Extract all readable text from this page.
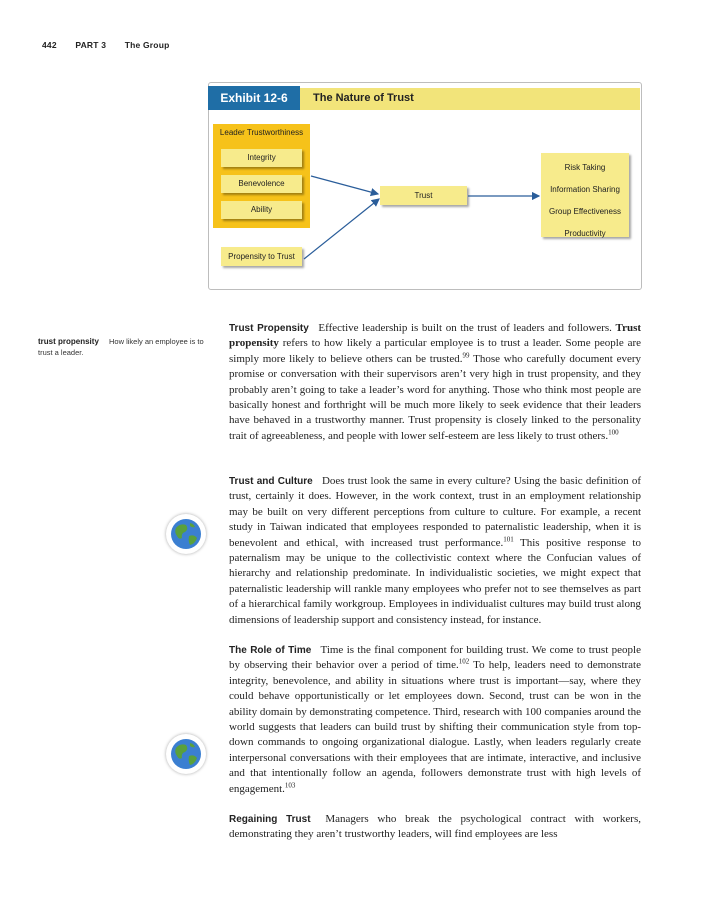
442 PART 3 The Group
Exhibit 12-6	The Nature of Trust
Leader Trustworthiness
Integrity
Benevolence
Ability
Propensity to Trust
Trust
Risk Taking
Information Sharing
Group Effectiveness
Productivity
trust propensity How likely an employee is to trust a leader.

Trust Propensity Effective leadership is built on the trust of leaders and followers. Trust propensity refers to how likely a particular employee is to trust a leader. Some people are simply more likely to believe others can be trusted.$^{99}$ Those who carefully document every promise or conversation with their supervisors aren’t very high in trust propensity, and they probably aren’t going to take a leader’s word for anything. Those who think most people are basically honest and forthright will be much more likely to seek evidence that their leaders have behaved in a trustworthy manner. Trust propensity is closely linked to the personality trait of agreeableness, and people with lower self-esteem are less likely to trust others.$^{100}$

Trust and Culture Does trust look the same in every culture? Using the basic definition of trust, certainly it does. However, in the work context, trust in an employment relationship may be built on very different perceptions from culture to culture. For example, a recent study in Taiwan indicated that employees responded to paternalistic leadership, when it is benevolent and ethical, with increased trust performance.$^{101}$ This positive response to paternalism may be unique to the collectivistic context where the Confucian values of hierarchy and relationship predominate. In individualistic societies, we might expect that paternalistic leadership will rankle many employees who prefer not to see themselves as part of a hierarchical family workgroup. Employees in individualist cultures may build trust along dimensions of leadership support and consistency instead, for instance.

The Role of Time Time is the final component for building trust. We come to trust people by observing their behavior over a period of time.$^{102}$ To help, leaders need to demonstrate integrity, benevolence, and ability in situations where trust is important—say, where they could behave opportunistically or let employees down. Second, trust can be won in the ability domain by demonstrating competence. Third, research with 100 companies around the world suggests that leaders can build trust by shifting their communication style from top-down commands to ongoing organizational dialogue. Lastly, when leaders regularly create interpersonal conversations with their employees that are intimate, interactive, and inclusive and that intentionally follow an agenda, followers demonstrate trust with high levels of engagement.$^{103}$

Regaining Trust Managers who break the psychological contract with workers, demonstrating they aren’t trustworthy leaders, will find employees are less
